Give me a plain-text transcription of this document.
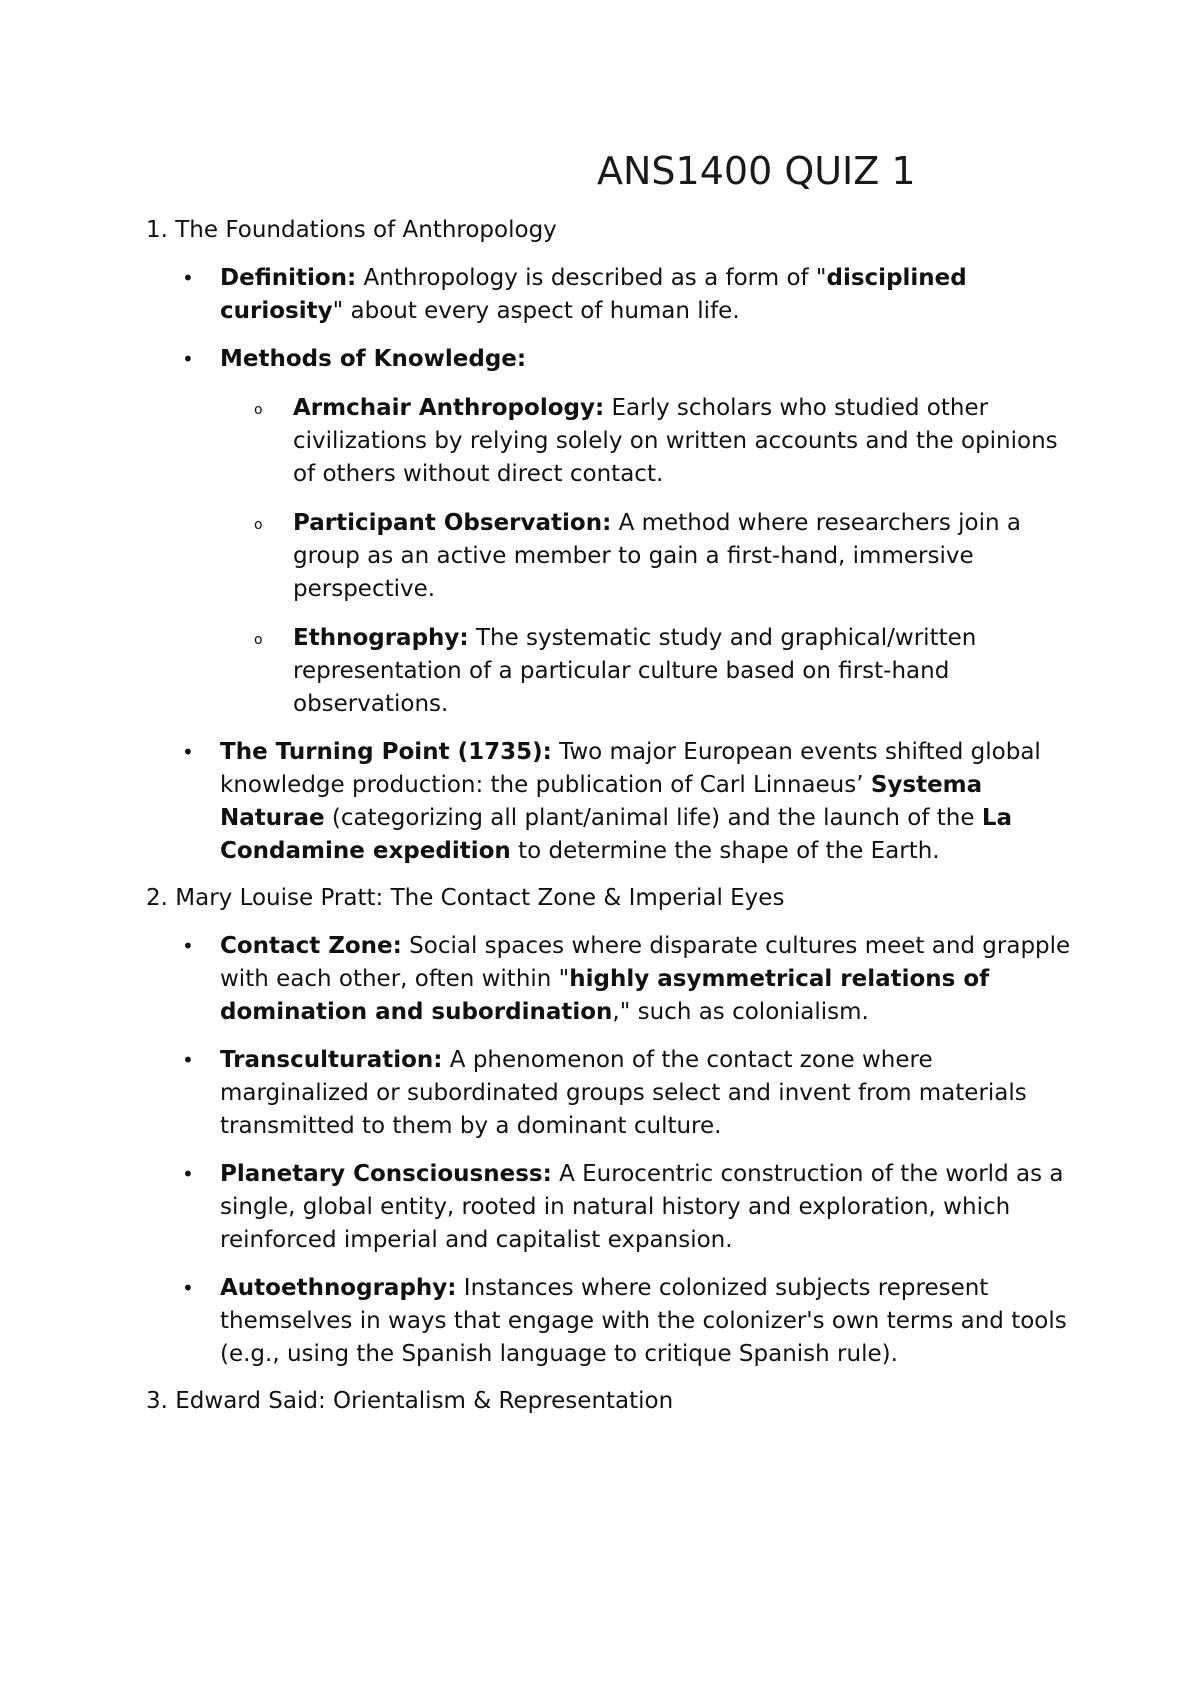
ANS1400 QUIZ 1

1. The Foundations of Anthropology

• Definition: Anthropology is described as a form of "disciplined curiosity" about every aspect of human life.
• Methods of Knowledge:
o Armchair Anthropology: Early scholars who studied other civilizations by relying solely on written accounts and the opinions of others without direct contact.
o Participant Observation: A method where researchers join a group as an active member to gain a first-hand, immersive perspective.
o Ethnography: The systematic study and graphical/written representation of a particular culture based on first-hand observations.
• The Turning Point (1735): Two major European events shifted global knowledge production: the publication of Carl Linnaeus’ Systema Naturae (categorizing all plant/animal life) and the launch of the La Condamine expedition to determine the shape of the Earth.

2. Mary Louise Pratt: The Contact Zone & Imperial Eyes

• Contact Zone: Social spaces where disparate cultures meet and grapple with each other, often within "highly asymmetrical relations of domination and subordination," such as colonialism.
• Transculturation: A phenomenon of the contact zone where marginalized or subordinated groups select and invent from materials transmitted to them by a dominant culture.
• Planetary Consciousness: A Eurocentric construction of the world as a single, global entity, rooted in natural history and exploration, which reinforced imperial and capitalist expansion.
• Autoethnography: Instances where colonized subjects represent themselves in ways that engage with the colonizer's own terms and tools (e.g., using the Spanish language to critique Spanish rule).

3. Edward Said: Orientalism & Representation
